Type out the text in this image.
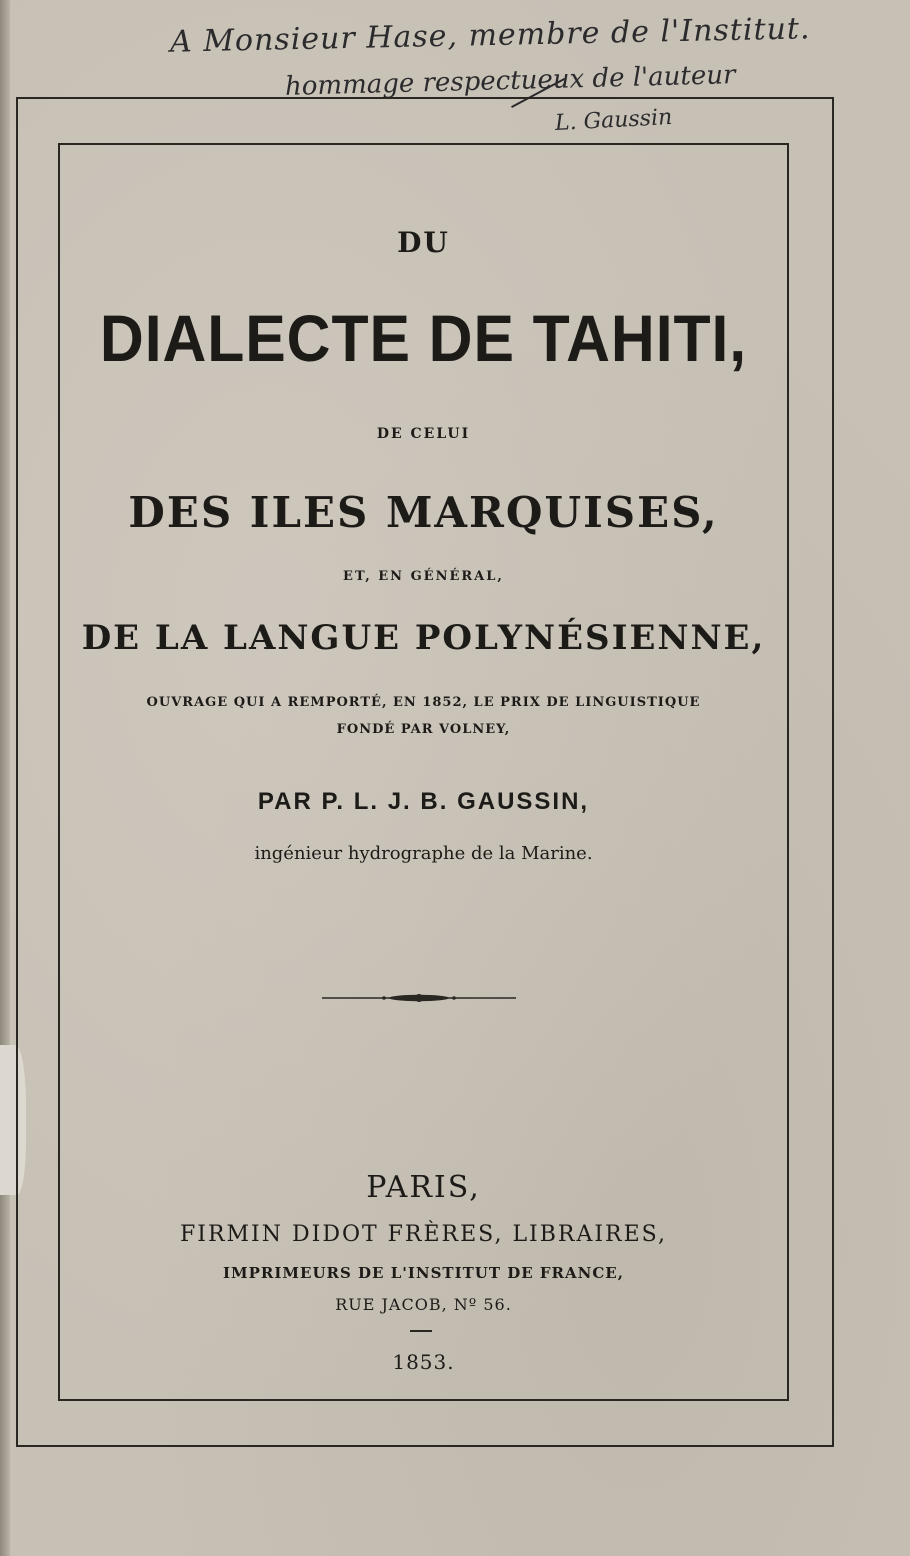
A Monsieur Hase, membre de l'Institut.
hommage respectueux de l'auteur
L. Gaussin
DU
DIALECTE DE TAHITI,
DE CELUI
DES ILES MARQUISES,
ET, EN GÉNÉRAL,
DE LA LANGUE POLYNÉSIENNE,
OUVRAGE QUI A REMPORTÉ, EN 1852, LE PRIX DE LINGUISTIQUE
FONDÉ PAR VOLNEY,
PAR P. L. J. B. GAUSSIN,
ingénieur hydrographe de la Marine.
PARIS,
FIRMIN DIDOT FRÈRES, LIBRAIRES,
IMPRIMEURS DE L'INSTITUT DE FRANCE,
RUE JACOB, Nº 56.
1853.
